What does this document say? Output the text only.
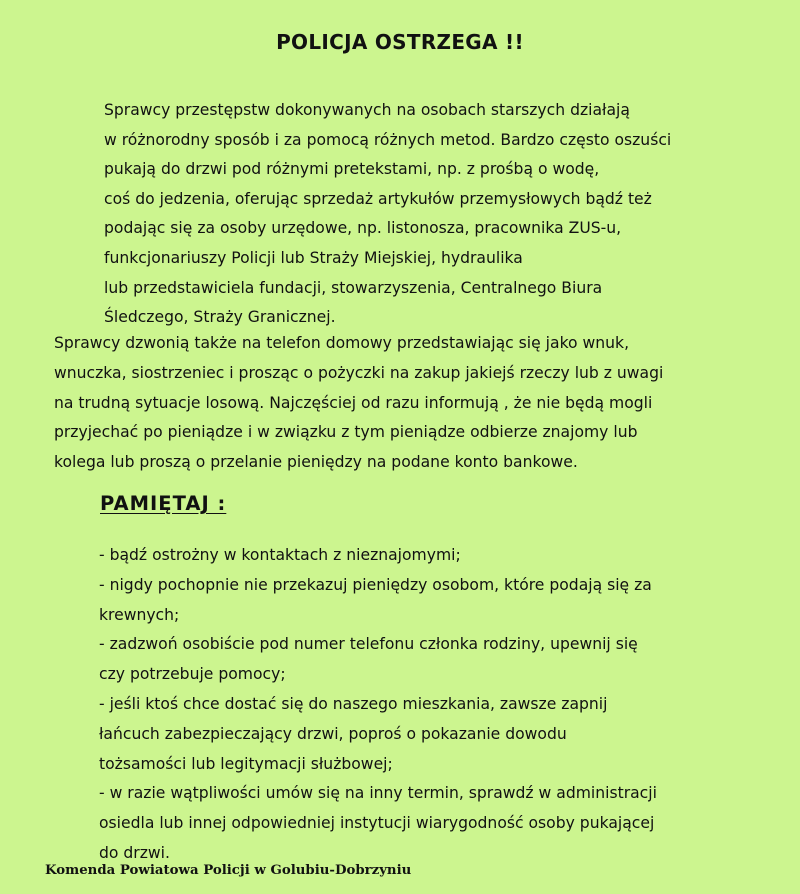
POLICJA OSTRZEGA !!
Sprawcy przestępstw dokonywanych na osobach starszych działają
w różnorodny sposób i za pomocą różnych metod. Bardzo często oszuści
pukają do drzwi pod różnymi pretekstami, np. z prośbą o wodę,
coś do jedzenia, oferując sprzedaż artykułów przemysłowych bądź też
podając się za osoby urzędowe, np. listonosza, pracownika ZUS-u,
funkcjonariuszy Policji lub Straży Miejskiej, hydraulika
lub przedstawiciela fundacji, stowarzyszenia, Centralnego Biura
Śledczego, Straży Granicznej.
Sprawcy dzwonią także na telefon domowy przedstawiając się jako wnuk,
wnuczka, siostrzeniec i prosząc o pożyczki na zakup jakiejś rzeczy lub z uwagi
na trudną sytuacje losową. Najczęściej od razu informują , że nie będą mogli
przyjechać po pieniądze i w związku z tym pieniądze odbierze znajomy lub
kolega lub proszą o przelanie pieniędzy na podane konto bankowe.
PAMIĘTAJ :
- bądź ostrożny w kontaktach z nieznajomymi;
- nigdy pochopnie nie przekazuj pieniędzy osobom, które podają się za
krewnych;
- zadzwoń osobiście pod numer telefonu członka rodziny, upewnij się
czy potrzebuje pomocy;
- jeśli ktoś chce dostać się do naszego mieszkania, zawsze zapnij
łańcuch zabezpieczający drzwi, poproś o pokazanie dowodu
tożsamości lub legitymacji służbowej;
- w razie wątpliwości umów się na inny termin, sprawdź w administracji
osiedla lub innej odpowiedniej instytucji wiarygodność osoby pukającej
do drzwi.
Komenda Powiatowa Policji w Golubiu-Dobrzyniu
